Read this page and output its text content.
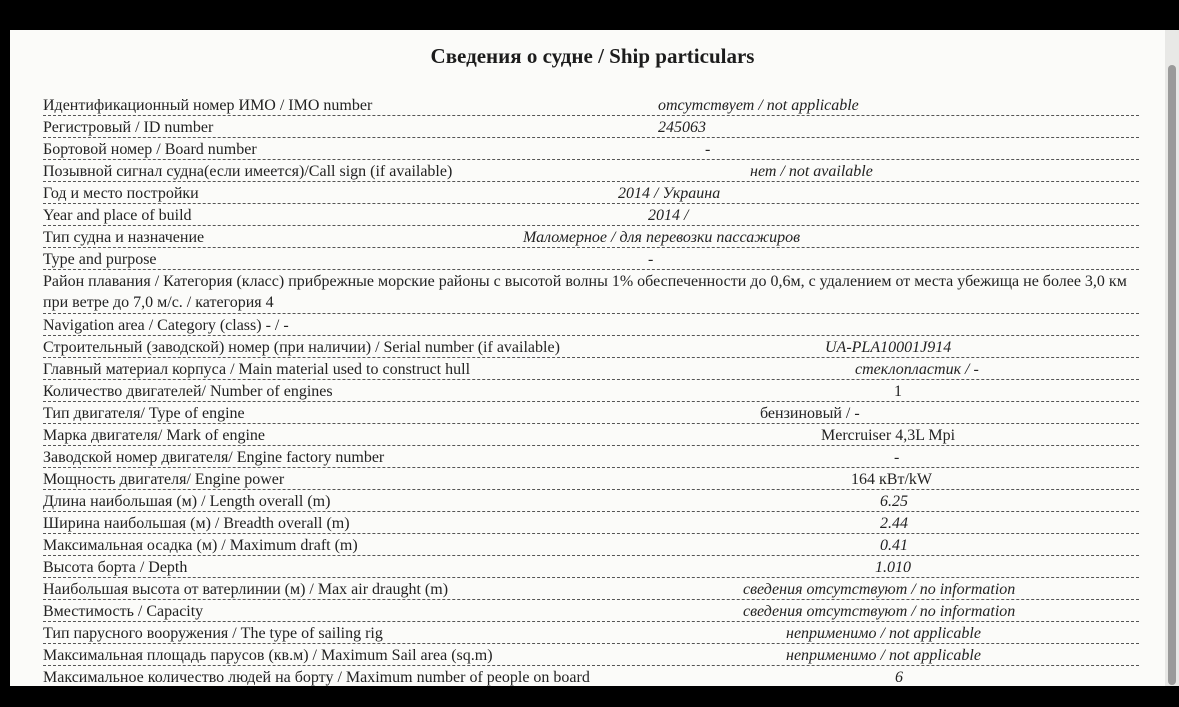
Сведения о судне / Ship particulars
Идентификационный номер ИМО / IMO number	отсутствует / not applicable
Регистровый / ID number	245063
Бортовой номер / Board number	-
Позывной сигнал судна(если имеется)/Call sign (if available)	нет / not available
Год и место постройки	2014 / Украина
Year and place of build	2014 /
Тип судна и назначение	Маломерное / для перевозки пассажиров
Type and purpose	-
Район плавания / Категория (класс) прибрежные морские районы с высотой волны 1% обеспеченности до 0,6м, с удалением от места убежища не более 3,0 км при ветре до 7,0 м/с. / категория 4
Navigation area / Category (class) - / -
Строительный (заводской) номер (при наличии) / Serial number (if available)	UA-PLA10001J914
Главный материал корпуса / Main material used to construct hull	стеклопластик / -
Количество двигателей/ Number of engines	1
Тип двигателя/ Type of engine	бензиновый / -
Марка двигателя/ Mark of engine	Mercruiser 4,3L Mpi
Заводской номер двигателя/ Engine factory number	-
Мощность двигателя/ Engine power	164 кВт/kW
Длина наибольшая (м) / Length overall (m)	6.25
Ширина наибольшая (м) / Breadth overall (m)	2.44
Максимальная осадка (м) / Maximum draft (m)	0.41
Высота борта / Depth	1.010
Наибольшая высота от ватерлинии (м) / Max air draught (m)	сведения отсутствуют / no information
Вместимость / Capacity	сведения отсутствуют / no information
Тип парусного вооружения / The type of sailing rig	неприменимо / not applicable
Максимальная площадь парусов (кв.м) / Maximum Sail area (sq.m)	неприменимо / not applicable
Максимальное количество людей на борту / Maximum number of people on board	6
